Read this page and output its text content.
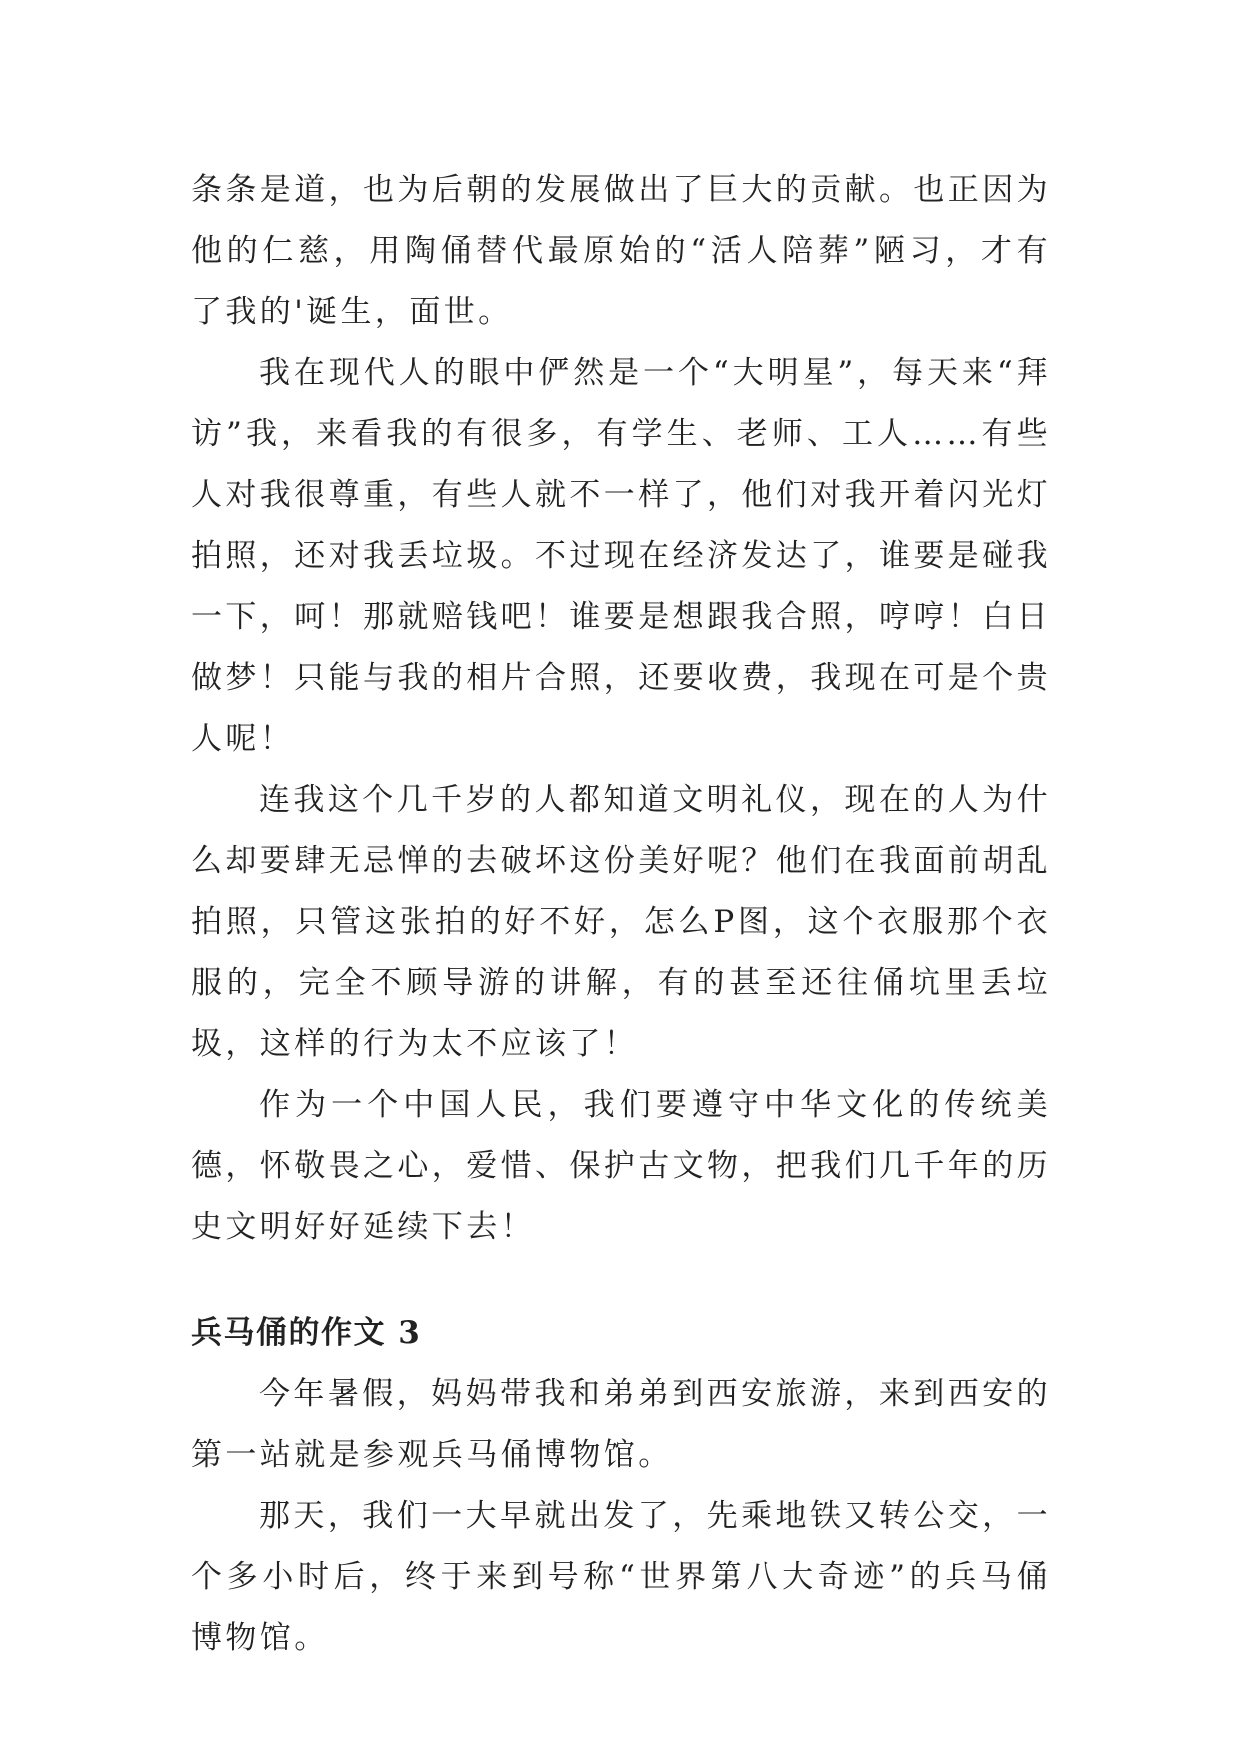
条条是道，也为后朝的发展做出了巨大的贡献。也正因为他的仁慈，用陶俑替代最原始的“活人陪葬”陋习，才有了我的'诞生，面世。

我在现代人的眼中俨然是一个“大明星”，每天来“拜访”我，来看我的有很多，有学生、老师、工人……有些人对我很尊重，有些人就不一样了，他们对我开着闪光灯拍照，还对我丢垃圾。不过现在经济发达了，谁要是碰我一下，呵！那就赔钱吧！谁要是想跟我合照，哼哼！白日做梦！只能与我的相片合照，还要收费，我现在可是个贵人呢！

连我这个几千岁的人都知道文明礼仪，现在的人为什么却要肆无忌惮的去破坏这份美好呢？他们在我面前胡乱拍照，只管这张拍的好不好，怎么P图，这个衣服那个衣服的，完全不顾导游的讲解，有的甚至还往俑坑里丢垃圾，这样的行为太不应该了！

作为一个中国人民，我们要遵守中华文化的传统美德，怀敬畏之心，爱惜、保护古文物，把我们几千年的历史文明好好延续下去！

兵马俑的作文 3

今年暑假，妈妈带我和弟弟到西安旅游，来到西安的第一站就是参观兵马俑博物馆。

那天，我们一大早就出发了，先乘地铁又转公交，一个多小时后，终于来到号称“世界第八大奇迹”的兵马俑博物馆。
